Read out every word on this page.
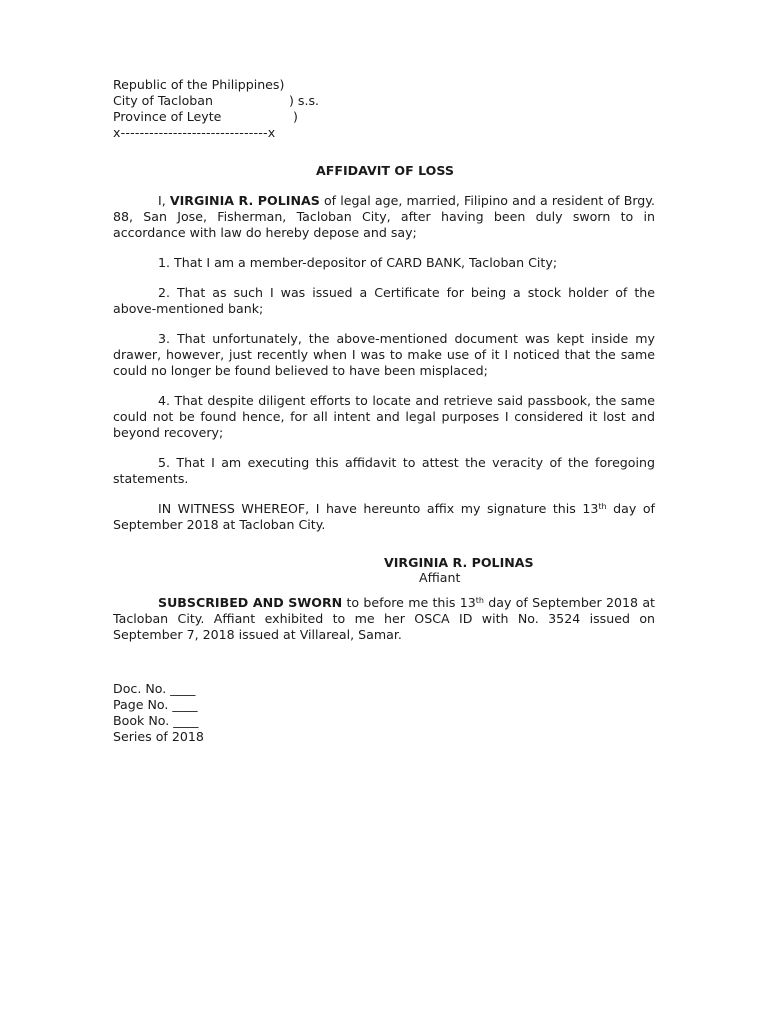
Republic of the Philippines)
City of Tacloban	) s.s.
Province of Leyte	)
x-------------------------------x
AFFIDAVIT OF LOSS

I, VIRGINIA R. POLINAS of legal age, married, Filipino and a resident of Brgy. 88, San Jose, Fisherman, Tacloban City, after having been duly sworn to in accordance with law do hereby depose and say;

1. That I am a member-depositor of CARD BANK, Tacloban City;

2. That as such I was issued a Certificate for being a stock holder of the above-mentioned bank;

3. That unfortunately, the above-mentioned document was kept inside my drawer, however, just recently when I was to make use of it I noticed that the same could no longer be found believed to have been misplaced;

4. That despite diligent efforts to locate and retrieve said passbook, the same could not be found hence, for all intent and legal purposes I considered it lost and beyond recovery;

5. That I am executing this affidavit to attest the veracity of the foregoing statements.

IN WITNESS WHEREOF, I have hereunto affix my signature this 13th day of September 2018 at Tacloban City.

VIRGINIA R. POLINAS
Affiant

SUBSCRIBED AND SWORN to before me this 13th day of September 2018 at Tacloban City. Affiant exhibited to me her OSCA ID with No. 3524 issued on September 7, 2018 issued at Villareal, Samar.

Doc. No. ____
Page No. ____
Book No. ____
Series of 2018
